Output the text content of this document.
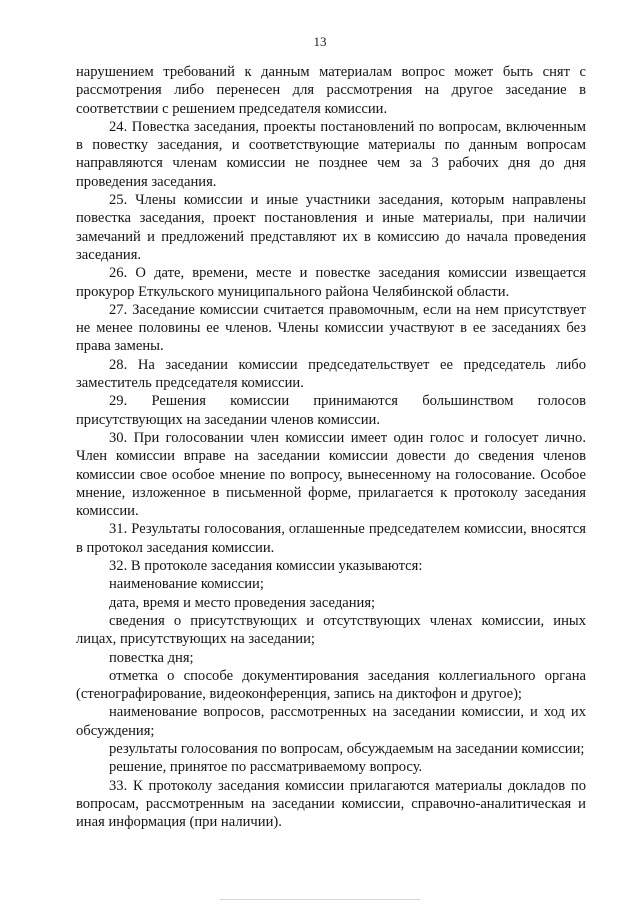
13

нарушением требований к данным материалам вопрос может быть снят с рассмотрения либо перенесен для рассмотрения на другое заседание в соответствии с решением председателя комиссии.

24. Повестка заседания, проекты постановлений по вопросам, включенным в повестку заседания, и соответствующие материалы по данным вопросам направляются членам комиссии не позднее чем за 3 рабочих дня до дня проведения заседания.

25. Члены комиссии и иные участники заседания, которым направлены повестка заседания, проект постановления и иные материалы, при наличии замечаний и предложений представляют их в комиссию до начала проведения заседания.

26. О дате, времени, месте и повестке заседания комиссии извещается прокурор Еткульского муниципального района Челябинской области.

27. Заседание комиссии считается правомочным, если на нем присутствует не менее половины ее членов. Члены комиссии участвуют в ее заседаниях без права замены.

28. На заседании комиссии председательствует ее председатель либо заместитель председателя комиссии.

29. Решения комиссии принимаются большинством голосов присутствующих на заседании членов комиссии.

30. При голосовании член комиссии имеет один голос и голосует лично. Член комиссии вправе на заседании комиссии довести до сведения членов комиссии свое особое мнение по вопросу, вынесенному на голосование. Особое мнение, изложенное в письменной форме, прилагается к протоколу заседания комиссии.

31. Результаты голосования, оглашенные председателем комиссии, вносятся в протокол заседания комиссии.

32. В протоколе заседания комиссии указываются:

наименование комиссии;

дата, время и место проведения заседания;

сведения о присутствующих и отсутствующих членах комиссии, иных лицах, присутствующих на заседании;

повестка дня;

отметка о способе документирования заседания коллегиального органа (стенографирование, видеоконференция, запись на диктофон и другое);

наименование вопросов, рассмотренных на заседании комиссии, и ход их обсуждения;

результаты голосования по вопросам, обсуждаемым на заседании комиссии;

решение, принятое по рассматриваемому вопросу.

33. К протоколу заседания комиссии прилагаются материалы докладов по вопросам, рассмотренным на заседании комиссии, справочно-аналитическая и иная информация (при наличии).
